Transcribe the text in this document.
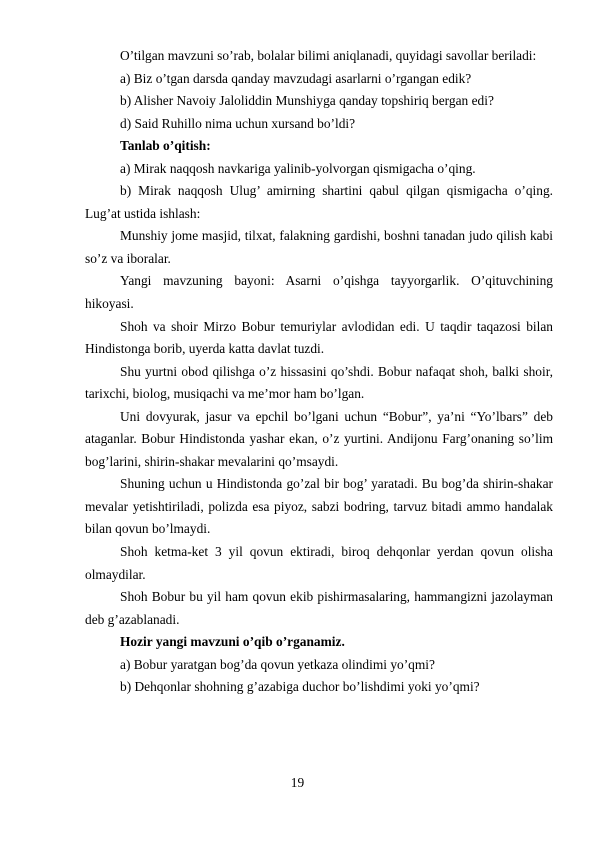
O’tilgan mavzuni so’rab, bolalar bilimi aniqlanadi, quyidagi savollar beriladi:

a) Biz o’tgan darsda qanday mavzudagi asarlarni o’rgangan edik?

b) Alisher Navoiy Jaloliddin Munshiyga qanday topshiriq bergan edi?

d) Said Ruhillo nima uchun xursand bo’ldi?

Tanlab o’qitish:

a) Mirak naqqosh navkariga yalinib-yolvorgan qismigacha o’qing.

b) Mirak naqqosh Ulug’ amirning shartini qabul qilgan qismigacha o’qing. Lug’at ustida ishlash:

Munshiy jome masjid, tilxat, falakning gardishi, boshni tanadan judo qilish kabi so’z va iboralar.

Yangi mavzuning bayoni: Asarni o’qishga tayyorgarlik. O’qituvchining hikoyasi.

Shoh va shoir Mirzo Bobur temuriylar avlodidan edi. U taqdir taqazosi bilan Hindistonga borib, uyerda katta davlat tuzdi.

Shu yurtni obod qilishga o’z hissasini qo’shdi. Bobur nafaqat shoh, balki shoir, tarixchi, biolog, musiqachi va me’mor ham bo’lgan.

Uni dovyurak, jasur va epchil bo’lgani uchun “Bobur”, ya’ni “Yo’lbars” deb ataganlar. Bobur Hindistonda yashar ekan, o’z yurtini. Andijonu Farg’onaning so’lim bog’larini, shirin-shakar mevalarini qo’msaydi.

Shuning uchun u Hindistonda go’zal bir bog’ yaratadi. Bu bog’da shirin-shakar mevalar yetishtiriladi, polizda esa piyoz, sabzi bodring, tarvuz bitadi ammo handalak bilan qovun bo’lmaydi.

Shoh ketma-ket 3 yil qovun ektiradi, biroq dehqonlar yerdan qovun olisha olmaydilar.

Shoh Bobur bu yil ham qovun ekib pishirmasalaring, hammangizni jazolayman deb g’azablanadi.

Hozir yangi mavzuni o’qib o’rganamiz.

a) Bobur yaratgan bog’da qovun yetkaza olindimi yo’qmi?

b) Dehqonlar shohning g’azabiga duchor bo’lishdimi yoki yo’qmi?

19
